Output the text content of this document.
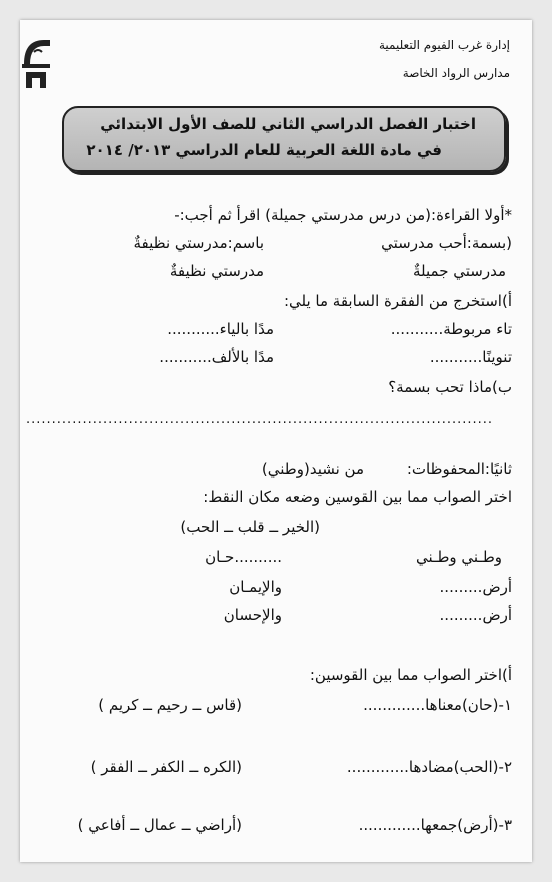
إدارة غرب الفيوم التعليمية
مدارس الرواد الخاصة
اختبار الفصل الدراسي الثاني للصف الأول الابتدائي
في مادة اللغة العربية للعام الدراسي ٢٠١٣/ ٢٠١٤
*أولا القراءة:(من درس مدرستي جميلة) اقرأ ثم أجب:-
(بسمة:أحب مدرستي
باسم:مدرستي نظيفةٌ
مدرستي جميلةٌ
مدرستي نظيفةٌ
أ)استخرج من الفقرة السابقة ما يلي:
تاء مربوطة...........
مدًا بالياء...........
تنوينًا...........
مدًا بالألف...........
ب)ماذا تحب بسمة؟
...........................................................................................
ثانيًا:المحفوظات:
من نشيد(وطني)
اختر الصواب مما بين القوسين وضعه مكان النقط:
(الخير ــ قلب ــ الحب)
وطـني وطـني
..........حـان
أرض.........
والإيمـان
أرض.........
والإحسان
أ)اختر الصواب مما بين القوسين:
١-(حان)معناها.............
(قاس ــ رحيم ــ كريم )
٢-(الحب)مضادها.............
(الكره ــ الكفر ــ الفقر )
٣-(أرض)جمعها.............
(أراضي ــ عمال ــ أفاعي )
